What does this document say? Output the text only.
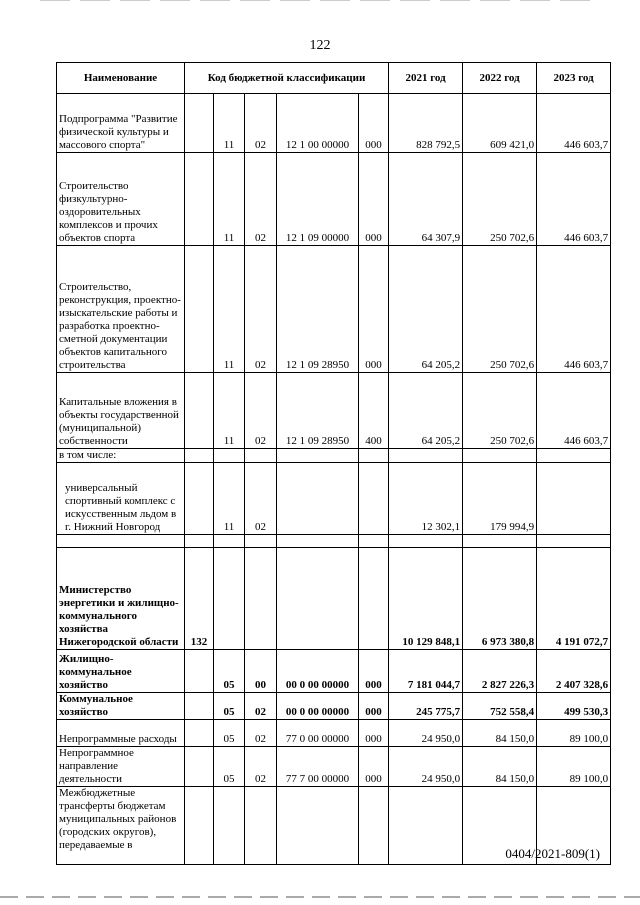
122
Наименование	Код бюджетной классификации					2021 год	2022 год	2023 год
Подпрограмма "Развитие физической культуры и массового спорта"		11	02	12 1 00 00000	000	828 792,5	609 421,0	446 603,7
Строительство физкультурно-оздоровительных комплексов и прочих объектов спорта		11	02	12 1 09 00000	000	64 307,9	250 702,6	446 603,7
Строительство, реконструкция, проектно-изыскательские работы и разработка проектно-сметной документации объектов капитального строительства		11	02	12 1 09 28950	000	64 205,2	250 702,6	446 603,7
Капитальные вложения в объекты государственной (муниципальной) собственности		11	02	12 1 09 28950	400	64 205,2	250 702,6	446 603,7
в том числе:								
универсальный спортивный комплекс с искусственным льдом в г. Нижний Новгород		11	02			12 302,1	179 994,9	

Министерство энергетики и жилищно-коммунального хозяйства Нижегородской области	132					10 129 848,1	6 973 380,8	4 191 072,7
Жилищно-коммунальное хозяйство		05	00	00 0 00 00000	000	7 181 044,7	2 827 226,3	2 407 328,6
Коммунальное хозяйство		05	02	00 0 00 00000	000	245 775,7	752 558,4	499 530,3
Непрограммные расходы		05	02	77 0 00 00000	000	24 950,0	84 150,0	89 100,0
Непрограммное направление деятельности		05	02	77 7 00 00000	000	24 950,0	84 150,0	89 100,0
Межбюджетные трансферты бюджетам муниципальных районов (городских округов), передаваемые в								
0404/2021-809(1)
